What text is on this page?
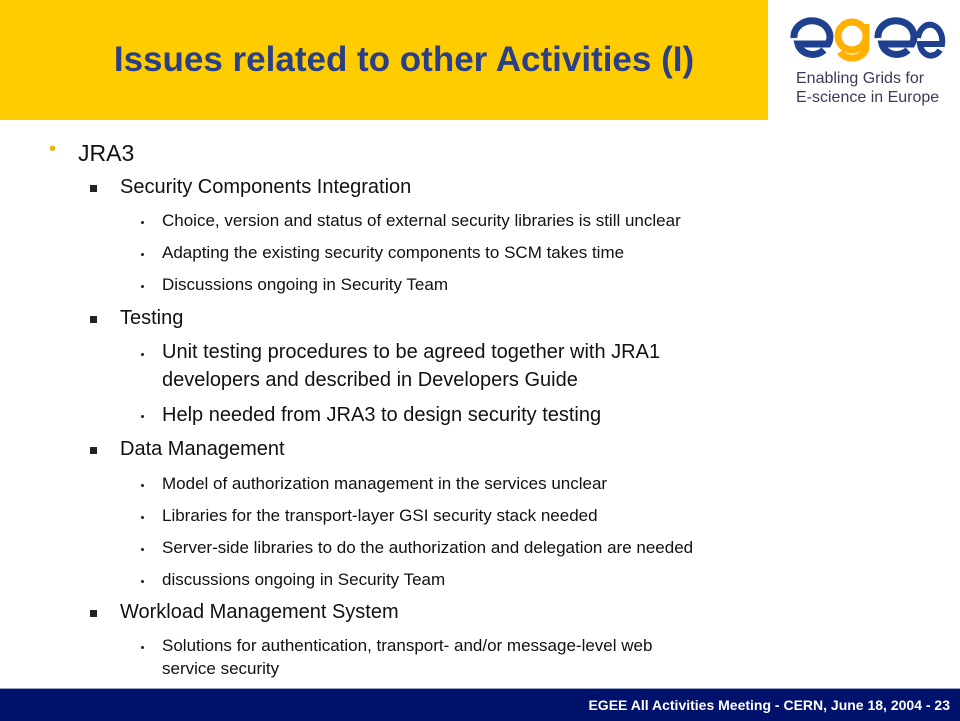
Issues related to other Activities (I)	Enabling Grids for
E-science in Europe
• JRA3
Security Components Integration
Choice, version and status of external security libraries is still unclear
Adapting the existing security components to SCM takes time
Discussions ongoing in Security Team
Testing
Unit testing procedures to be agreed together with JRA1
developers and described in Developers Guide
Help needed from JRA3 to design security testing
Data Management
Model of authorization management in the services unclear
Libraries for the transport-layer GSI security stack needed
Server-side libraries to do the authorization and delegation are needed
discussions ongoing in Security Team
Workload Management System
Solutions for authentication, transport- and/or message-level web
service security
EGEE All Activities Meeting - CERN, June 18, 2004 - 23
